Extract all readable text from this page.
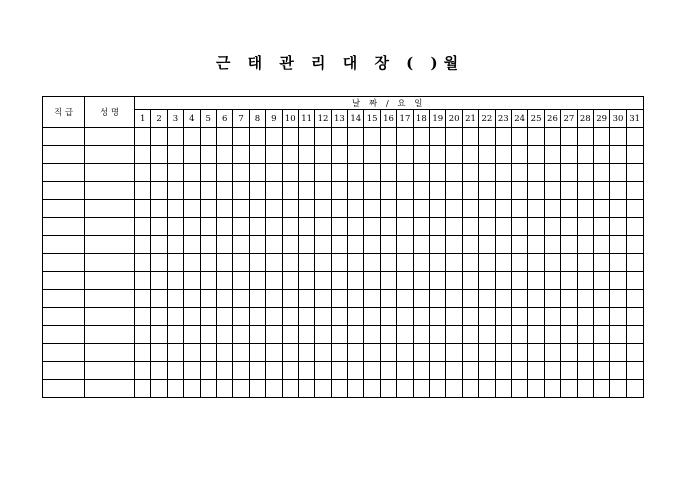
근 태 관 리 대 장 ( )월
직 급	성 명	날 짜 / 요 일																														
		1	2	3	4	5	6	7	8	9	10	11	12	13	14	15	16	17	18	19	20	21	22	23	24	25	26	27	28	29	30	31
